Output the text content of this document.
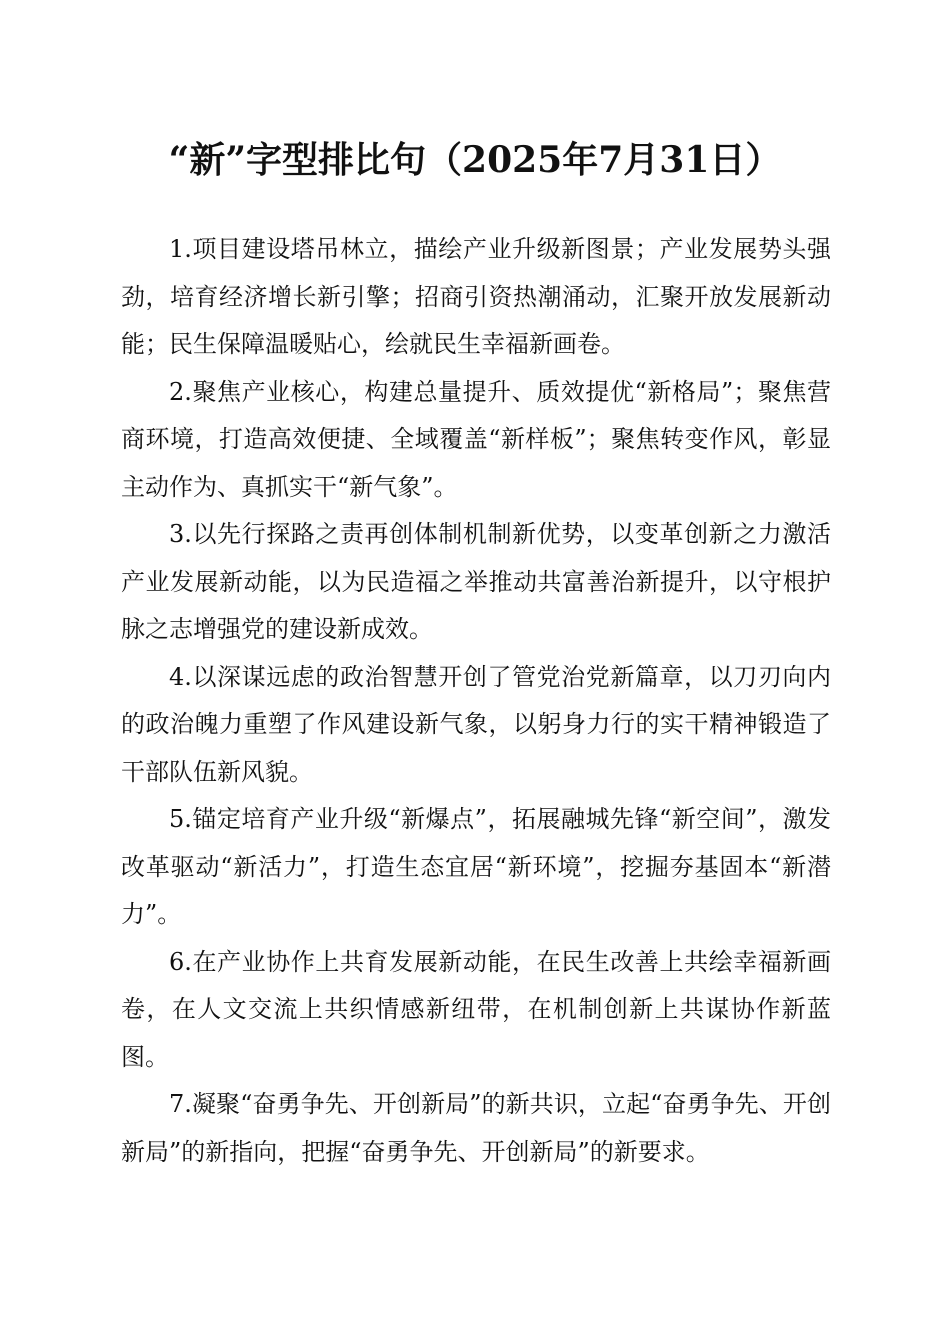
“新”字型排比句（2025年7月31日）

1.项目建设塔吊林立，描绘产业升级新图景；产业发展势头强劲，培育经济增长新引擎；招商引资热潮涌动，汇聚开放发展新动能；民生保障温暖贴心，绘就民生幸福新画卷。

2.聚焦产业核心，构建总量提升、质效提优“新格局”；聚焦营商环境，打造高效便捷、全域覆盖“新样板”；聚焦转变作风，彰显主动作为、真抓实干“新气象”。

3.以先行探路之责再创体制机制新优势，以变革创新之力激活产业发展新动能，以为民造福之举推动共富善治新提升，以守根护脉之志增强党的建设新成效。

4.以深谋远虑的政治智慧开创了管党治党新篇章，以刀刃向内的政治魄力重塑了作风建设新气象，以躬身力行的实干精神锻造了干部队伍新风貌。

5.锚定培育产业升级“新爆点”，拓展融城先锋“新空间”，激发改革驱动“新活力”，打造生态宜居“新环境”，挖掘夯基固本“新潜力”。

6.在产业协作上共育发展新动能，在民生改善上共绘幸福新画卷，在人文交流上共织情感新纽带，在机制创新上共谋协作新蓝图。

7.凝聚“奋勇争先、开创新局”的新共识，立起“奋勇争先、开创新局”的新指向，把握“奋勇争先、开创新局”的新要求。
